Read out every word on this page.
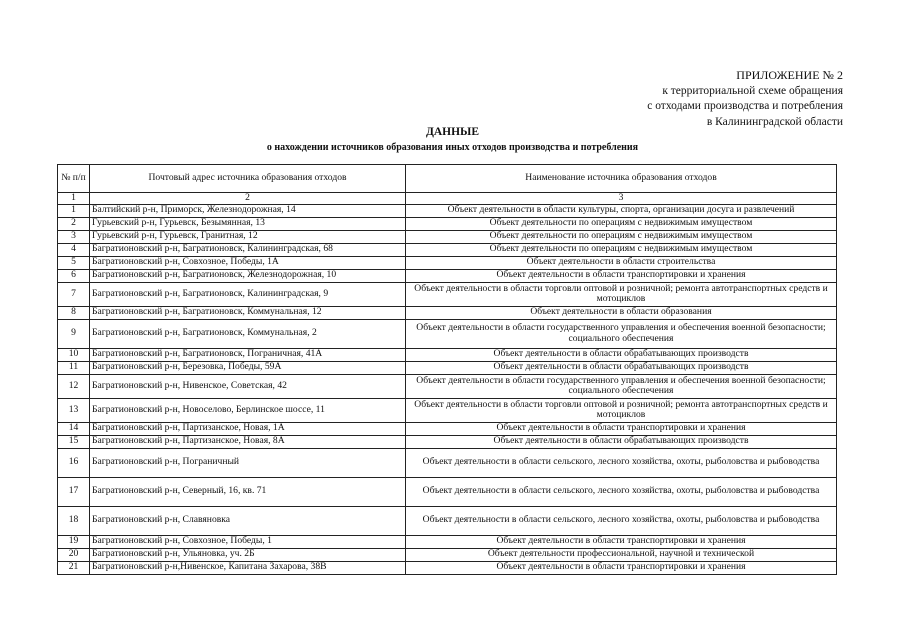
ПРИЛОЖЕНИЕ № 2
к территориальной схеме обращения
с отходами производства и потребления
в Калининградской области
ДАННЫЕ
о нахождении источников образования иных отходов производства и потребления
№ п/п	Почтовый адрес источника образования отходов	Наименование источника образования отходов
1	2	3
1	Балтийский р-н, Приморск, Железнодорожная, 14	Объект деятельности в области культуры, спорта, организации досуга и развлечений
2	Гурьевский р-н, Гурьевск, Безымянная, 13	Объект деятельности по операциям с недвижимым имуществом
3	Гурьевский р-н, Гурьевск, Гранитная, 12	Объект деятельности по операциям с недвижимым имуществом
4	Багратионовский р-н, Багратионовск, Калининградская, 68	Объект деятельности по операциям с недвижимым имуществом
5	Багратионовский р-н, Совхозное, Победы, 1А	Объект деятельности в области строительства
6	Багратионовский р-н, Багратионовск, Железнодорожная, 10	Объект деятельности в области транспортировки и хранения
7	Багратионовский р-н, Багратионовск, Калининградская, 9	Объект деятельности в области торговли оптовой и розничной; ремонта автотранспортных средств и мотоциклов
8	Багратионовский р-н, Багратионовск, Коммунальная, 12	Объект деятельности в области образования
9	Багратионовский р-н, Багратионовск, Коммунальная, 2	Объект деятельности в области государственного управления и обеспечения военной безопасности; социального обеспечения
10	Багратионовский р-н, Багратионовск, Пограничная, 41А	Объект деятельности в области обрабатывающих производств
11	Багратионовский р-н, Березовка, Победы, 59А	Объект деятельности в области обрабатывающих производств
12	Багратионовский р-н, Нивенское, Советская, 42	Объект деятельности в области государственного управления и обеспечения военной безопасности; социального обеспечения
13	Багратионовский р-н, Новоселово, Берлинское шоссе, 11	Объект деятельности в области торговли оптовой и розничной; ремонта автотранспортных средств и мотоциклов
14	Багратионовский р-н, Партизанское, Новая, 1А	Объект деятельности в области транспортировки и хранения
15	Багратионовский р-н, Партизанское, Новая, 8А	Объект деятельности в области обрабатывающих производств
16	Багратионовский р-н, Пограничный	Объект деятельности в области сельского, лесного хозяйства, охоты, рыболовства и рыбоводства
17	Багратионовский р-н, Северный, 16, кв. 71	Объект деятельности в области сельского, лесного хозяйства, охоты, рыболовства и рыбоводства
18	Багратионовский р-н, Славяновка	Объект деятельности в области сельского, лесного хозяйства, охоты, рыболовства и рыбоводства
19	Багратионовский р-н, Совхозное, Победы, 1	Объект деятельности в области транспортировки и хранения
20	Багратионовский р-н, Ульяновка, уч. 2Б	Объект деятельности профессиональной, научной и технической
21	Багратионовский р-н,Нивенское, Капитана Захарова, 38В	Объект деятельности в области транспортировки и хранения
